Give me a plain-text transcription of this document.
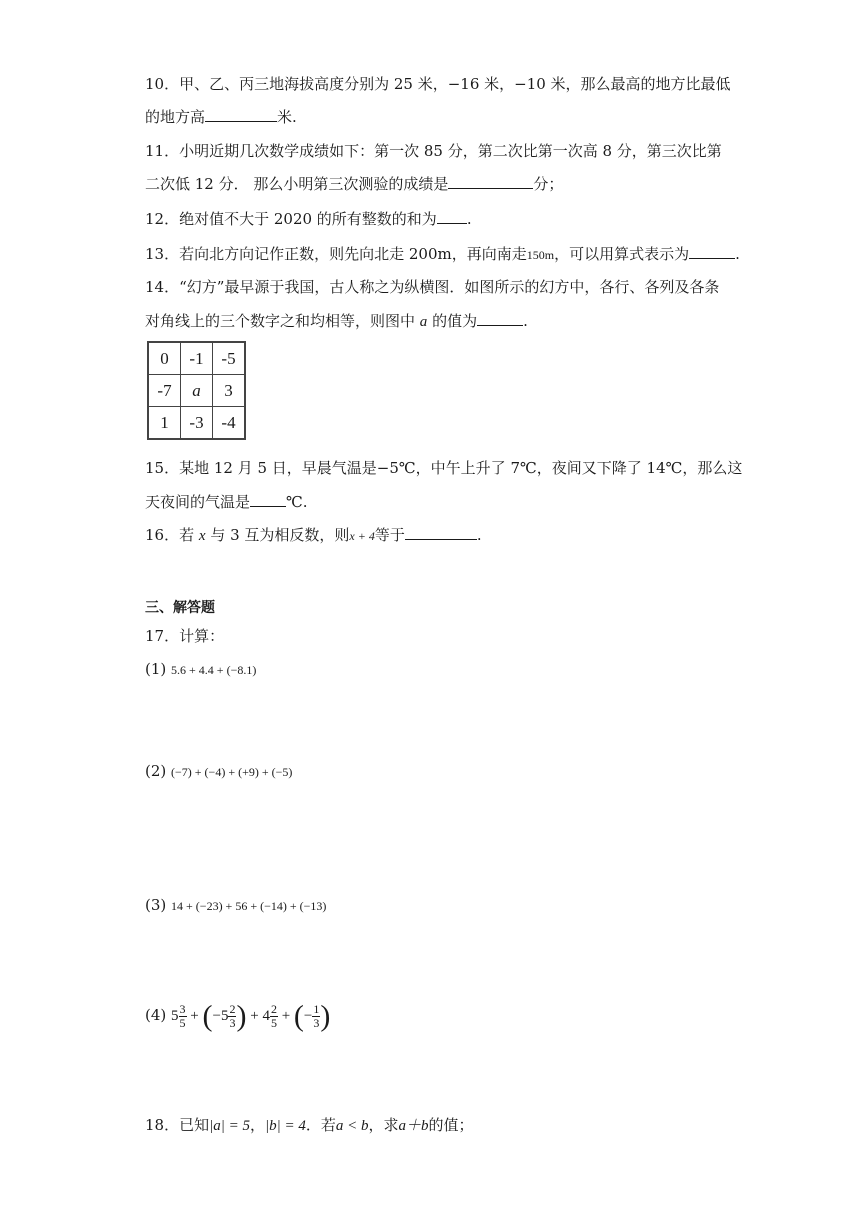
10．甲、乙、丙三地海拔高度分别为 25 米，−16 米，−10 米，那么最高的地方比最低
的地方高	米.
11．小明近期几次数学成绩如下：第一次 85 分，第二次比第一次高 8 分，第三次比第
二次低 12 分． 那么小明第三次测验的成绩是	分；
12．绝对值不大于 2020 的所有整数的和为 .
13．若向北方向记作正数，则先向北走 200m，再向南走150m，可以用算式表示为	.
14．“幻方”最早源于我国，古人称之为纵横图．如图所示的幻方中，各行、各列及各条
对角线上的三个数字之和均相等，则图中 a 的值为	.
0	-1	-5
-7	a	3
1	-3	-4
15．某地 12 月 5 日，早晨气温是−5℃，中午上升了 7℃，夜间又下降了 14℃，那么这
天夜间的气温是 ℃.
16．若 x 与 3 互为相反数，则x + 4等于	.
三、解答题
17．计算：
(1) 5.6 + 4.4 + (−8.1)
(2) (−7) + (−4) + (+9) + (−5)
(3) 14 + (−23) + 56 + (−14) + (−13)
(4) $5 \frac{3}{5} + (-5 \frac{2}{3}$ ) + $4 \frac{2}{5}$ + (− $\frac{1}{3}$ )
18．已知|a| = 5，|b| = 4．若a < b，求a＋b的值；
